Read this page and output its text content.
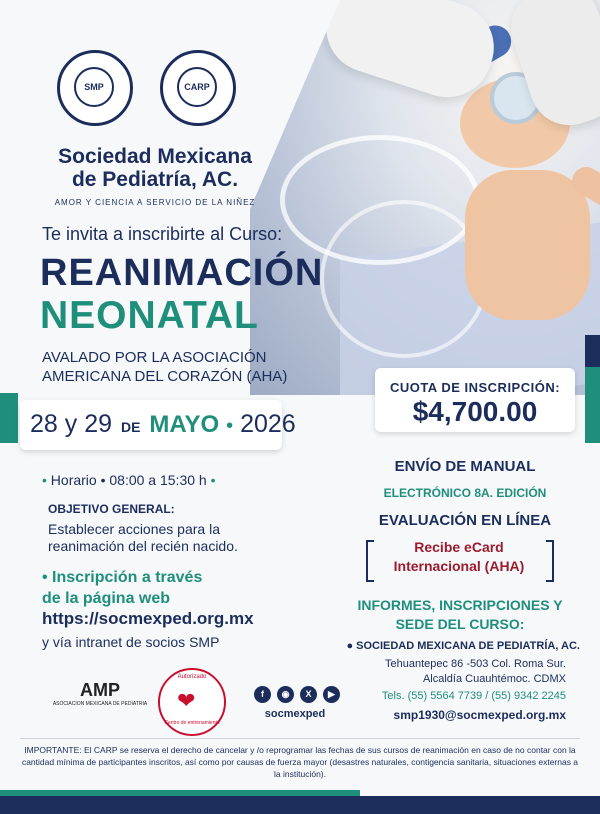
SMP	CARP
Sociedad Mexicana
de Pediatría, AC.
AMOR Y CIENCIA A SERVICIO DE LA NIÑEZ
Te invita a inscribirte al Curso:
REANIMACIÓN
NEONATAL
AVALADO POR LA ASOCIACIÓN
AMERICANA DEL CORAZÓN (AHA)
28 y 29 DE MAYO • 2026
CUOTA DE INSCRIPCIÓN:
$4,700.00
• Horario • 08:00 a 15:30 h •
OBJETIVO GENERAL:
Establecer acciones para la reanimación del recién nacido.
• Inscripción a través
de la página web
https://socmexped.org.mx
y vía intranet de socios SMP
ENVÍO DE MANUAL
ELECTRÓNICO 8A. EDICIÓN
EVALUACIÓN EN LÍNEA
Recibe eCard
Internacional (AHA)
INFORMES, INSCRIPCIONES Y
SEDE DEL CURSO:
● SOCIEDAD MEXICANA DE PEDIATRÍA, AC.
Tehuantepec 86 -503 Col. Roma Sur.
Alcaldía Cuauhtémoc. CDMX
Tels. (55) 5564 7739 / (55) 9342 2245
smp1930@socmexped.org.mx
AMP
ASOCIACION MEXICANA DE PEDIATRIA
Autorizado
❤
Centro de entrenamiento
f	◉	X	▶
socmexped
IMPORTANTE: El CARP se reserva el derecho de cancelar y /o reprogramar las fechas de sus cursos de reanimación en caso de no contar con la cantidad mínima de participantes inscritos, así como por causas de fuerza mayor (desastres naturales, contigencia sanitaria, situaciones externas a la institución).
